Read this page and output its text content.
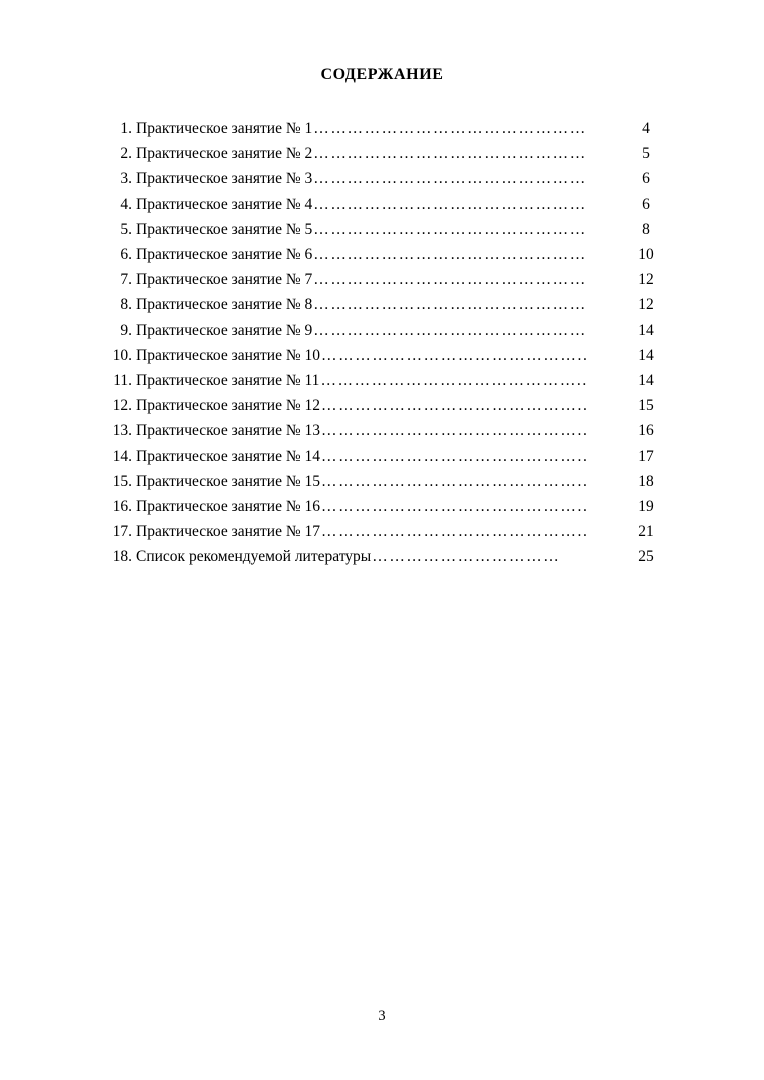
СОДЕРЖАНИЕ
1. Практическое занятие № 1 …………………………………………	4
2. Практическое занятие № 2 …………………………………………	5
3. Практическое занятие № 3 …………………………………………	6
4. Практическое занятие № 4 …………………………………………	6
5. Практическое занятие № 5 …………………………………………	8
6. Практическое занятие № 6 …………………………………………	10
7. Практическое занятие № 7 …………………………………………	12
8. Практическое занятие № 8 …………………………………………	12
9. Практическое занятие № 9 …………………………………………	14
10. Практическое занятие № 10 ………………………………………..	14
11. Практическое занятие № 11 ………………………………………..	14
12. Практическое занятие № 12 ………………………………………..	15
13. Практическое занятие № 13 ………………………………………..	16
14. Практическое занятие № 14 ………………………………………..	17
15. Практическое занятие № 15 ………………………………………..	18
16. Практическое занятие № 16 ………………………………………..	19
17. Практическое занятие № 17 ………………………………………..	21
18. Список рекомендуемой литературы ……………………………	25
3
